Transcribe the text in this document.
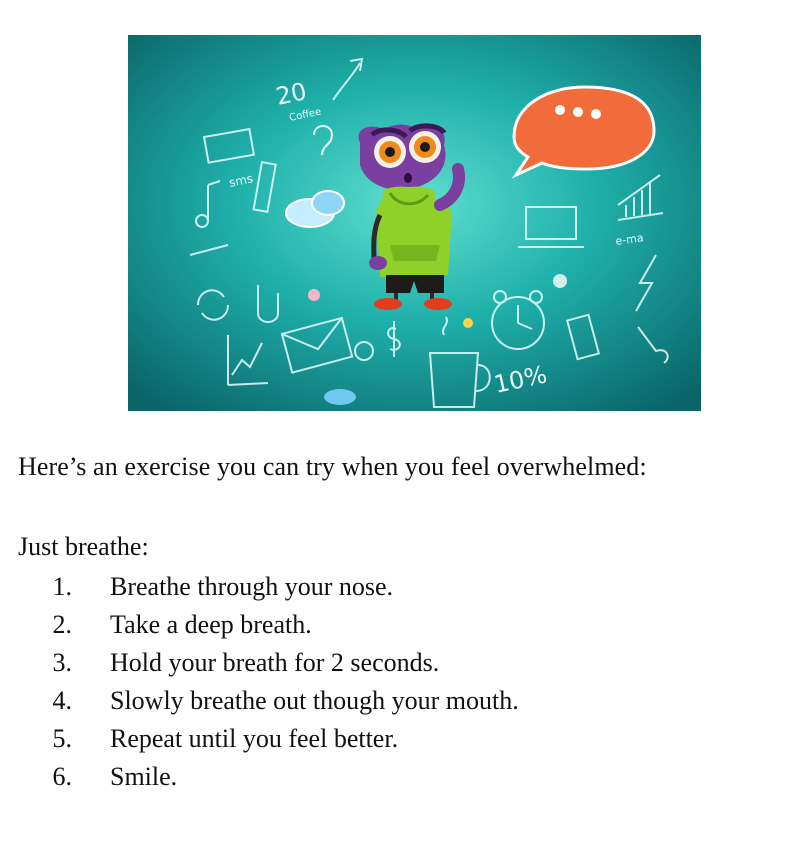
20
Coffee
sms
e-ma
10%
Here’s an exercise you can try when you feel overwhelmed:
Just breathe:
1. Breathe through your nose.
2. Take a deep breath.
3. Hold your breath for 2 seconds.
4. Slowly breathe out though your mouth.
5. Repeat until you feel better.
6. Smile.
